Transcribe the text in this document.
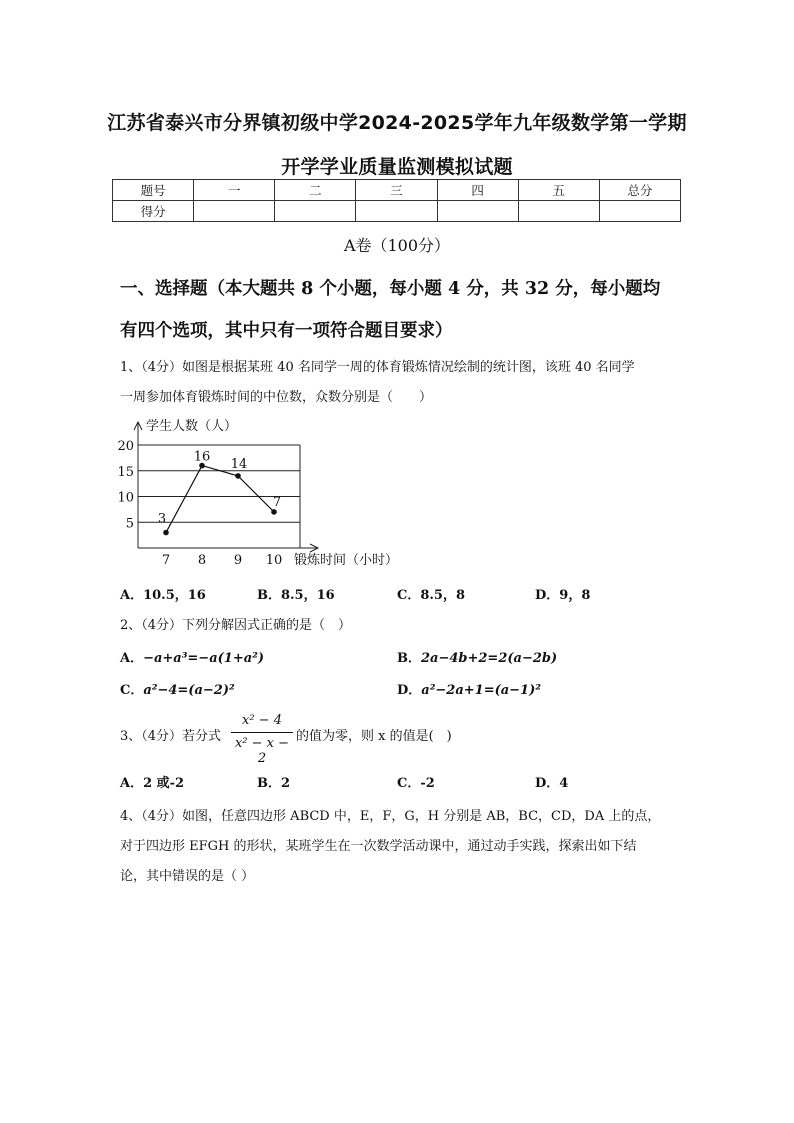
江苏省泰兴市分界镇初级中学2024-2025学年九年级数学第一学期
开学学业质量监测模拟试题
题号	一	二	三	四	五	总分
得分						
A卷（100分）
一、选择题（本大题共 8 个小题，每小题 4 分，共 32 分，每小题均
有四个选项，其中只有一项符合题目要求）
1、（4分）如图是根据某班 40 名同学一周的体育锻炼情况绘制的统计图，该班 40 名同学
一周参加体育锻炼时间的中位数，众数分别是（　　）
5
10
15
20
学生人数（人）
锻炼时间（小时）
7 8 9 10
3
16 14
7
A．10.5，16	B．8.5，16	C．8.5，8	D．9，8
2、（4分）下列分解因式正确的是（　）
A．−a+a³=−a(1+a²)	B．2a−4b+2=2(a−2b)
C．a²−4=(a−2)²	D．a²−2a+1=(a−1)²
3、（4分）若分式
x² − 4
x² − x − 2
的值为零，则 x 的值是(　)
A．2 或-2	B．2	C．-2	D．4
4、（4分）如图，任意四边形 ABCD 中，E，F，G，H 分别是 AB，BC，CD，DA 上的点，
对于四边形 EFGH 的形状，某班学生在一次数学活动课中，通过动手实践，探索出如下结
论，其中错误的是（ ）
